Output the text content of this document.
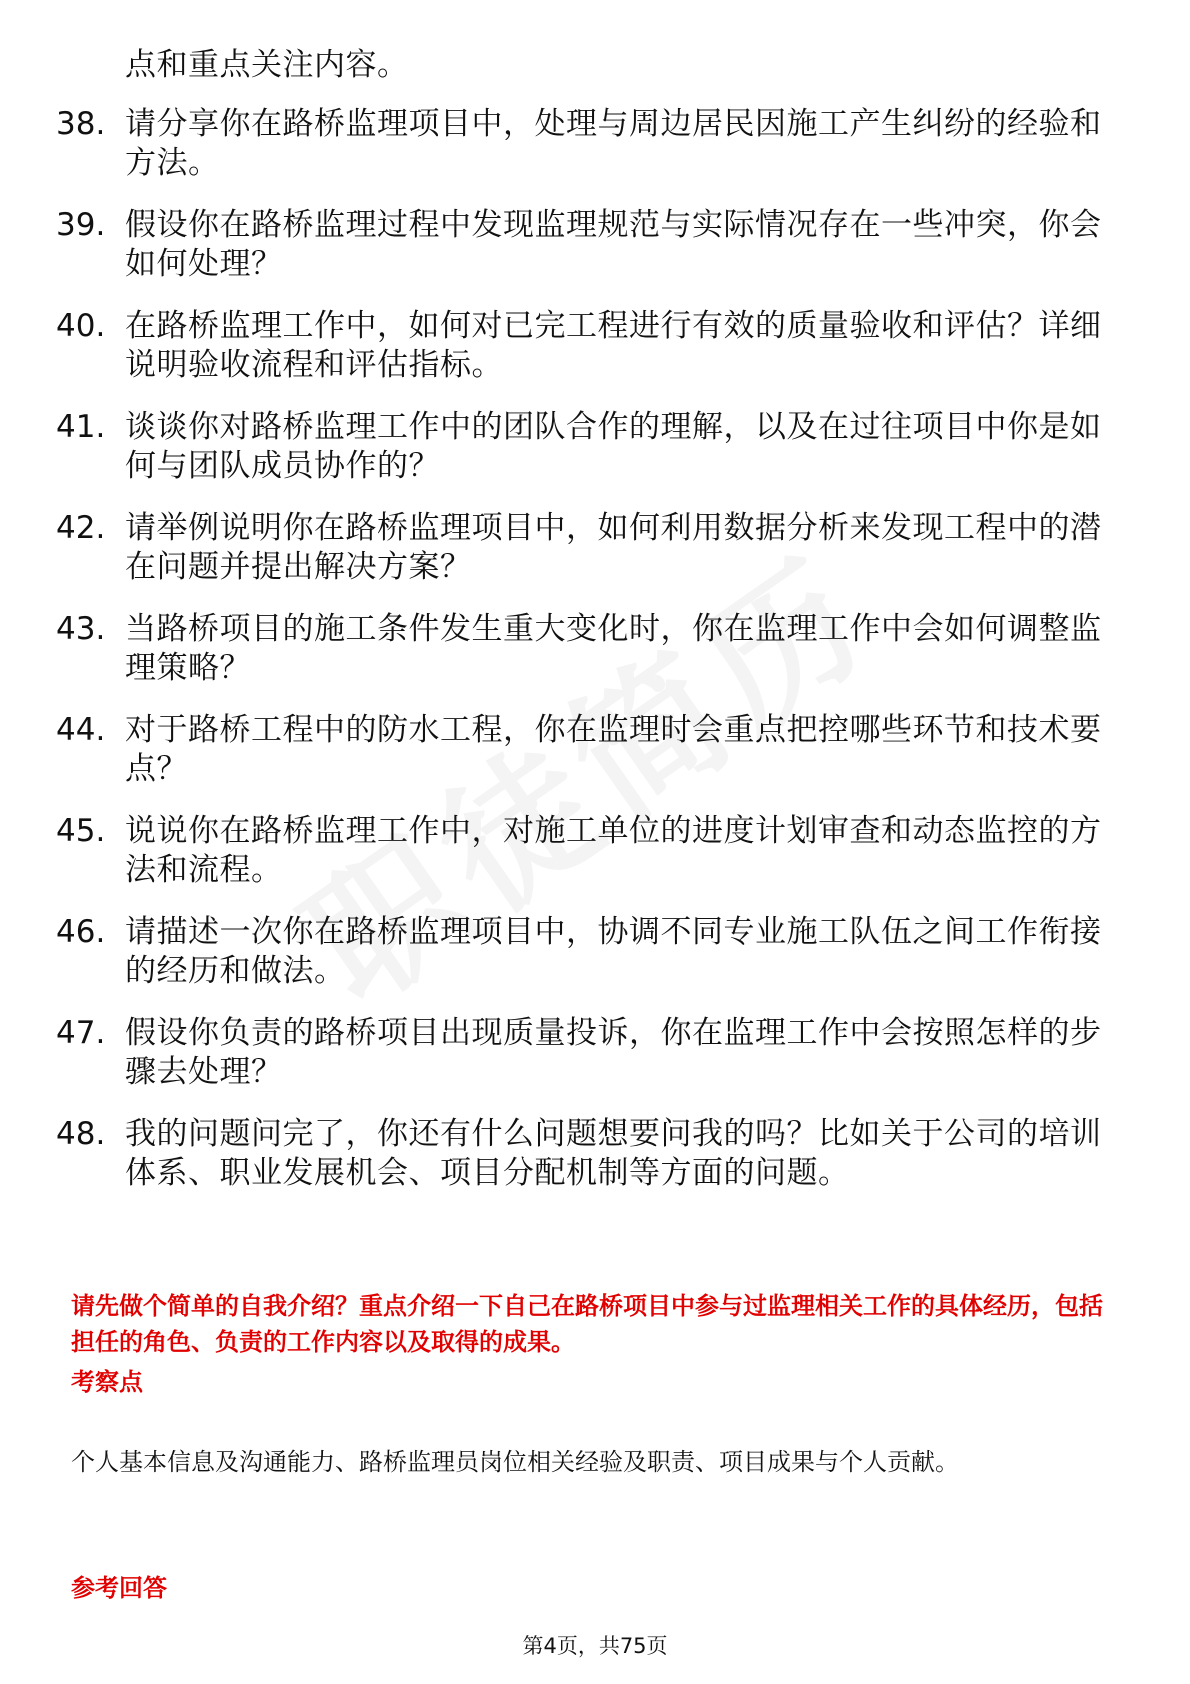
点和重点关注内容。
38. 请分享你在路桥监理项目中，处理与周边居民因施工产生纠纷的经验和方法。
39. 假设你在路桥监理过程中发现监理规范与实际情况存在一些冲突，你会如何处理？
40. 在路桥监理工作中，如何对已完工程进行有效的质量验收和评估？详细说明验收流程和评估指标。
41. 谈谈你对路桥监理工作中的团队合作的理解，以及在过往项目中你是如何与团队成员协作的？
42. 请举例说明你在路桥监理项目中，如何利用数据分析来发现工程中的潜在问题并提出解决方案？
43. 当路桥项目的施工条件发生重大变化时，你在监理工作中会如何调整监理策略？
44. 对于路桥工程中的防水工程，你在监理时会重点把控哪些环节和技术要点？
45. 说说你在路桥监理工作中，对施工单位的进度计划审查和动态监控的方法和流程。
46. 请描述一次你在路桥监理项目中，协调不同专业施工队伍之间工作衔接的经历和做法。
47. 假设你负责的路桥项目出现质量投诉，你在监理工作中会按照怎样的步骤去处理？
48. 我的问题问完了，你还有什么问题想要问我的吗？比如关于公司的培训体系、职业发展机会、项目分配机制等方面的问题。
请先做个简单的自我介绍？重点介绍一下自己在路桥项目中参与过监理相关工作的具体经历，包括担任的角色、负责的工作内容以及取得的成果。
考察点
个人基本信息及沟通能力、路桥监理员岗位相关经验及职责、项目成果与个人贡献。
参考回答
第4页，共75页
